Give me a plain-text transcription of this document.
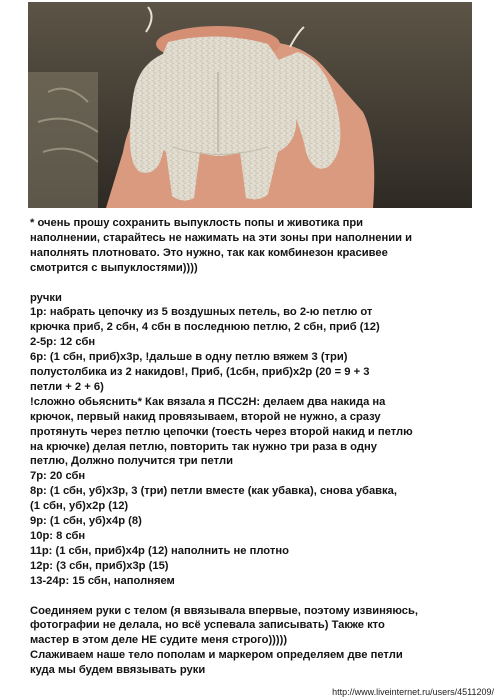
* очень прошу сохранить выпуклость попы и животика при

наполнении, старайтесь не нажимать на эти зоны при наполнении и

наполнять плотновато. Это нужно, так как комбинезон красивее

смотрится с выпуклостями))))

ручки

1р: набрать цепочку из 5 воздушных петель, во 2-ю петлю от

крючка приб, 2 сбн, 4 сбн в последнюю петлю, 2 сбн, приб (12)

2-5р: 12 сбн

6р: (1 сбн, приб)х3р, !дальше в одну петлю вяжем 3 (три)

полустолбика из 2 накидов!, Приб, (1сбн, приб)х2р (20 = 9 + 3

петли + 2 + 6)

!сложно обьяснить* Как вязала я ПСС2Н: делаем два накида на

крючок, первый накид провязываем, второй не нужно, а сразу

протянуть через петлю цепочки (тоесть через второй накид и петлю

на крючке) делая петлю, повторить так нужно три раза в одну

петлю, Должно получится три петли

7р: 20 сбн

8р: (1 сбн, уб)х3р, 3 (три) петли вместе (как убавка), снова убавка,

(1 сбн, уб)х2р (12)

9р: (1 сбн, уб)х4р (8)

10р: 8 сбн

11р: (1 сбн, приб)х4р (12) наполнить не плотно

12р: (3 сбн, приб)х3р (15)

13-24р: 15 сбн, наполняем

Соединяем руки с телом (я ввязывала впервые, поэтому извиняюсь,

фотографии не делала, но всё успевала записывать) Также кто

мастер в этом деле НЕ судите меня строго)))))

Слаживаем наше тело пополам и маркером определяем две петли

куда мы будем ввязывать руки

http://www.liveinternet.ru/users/4511209/
